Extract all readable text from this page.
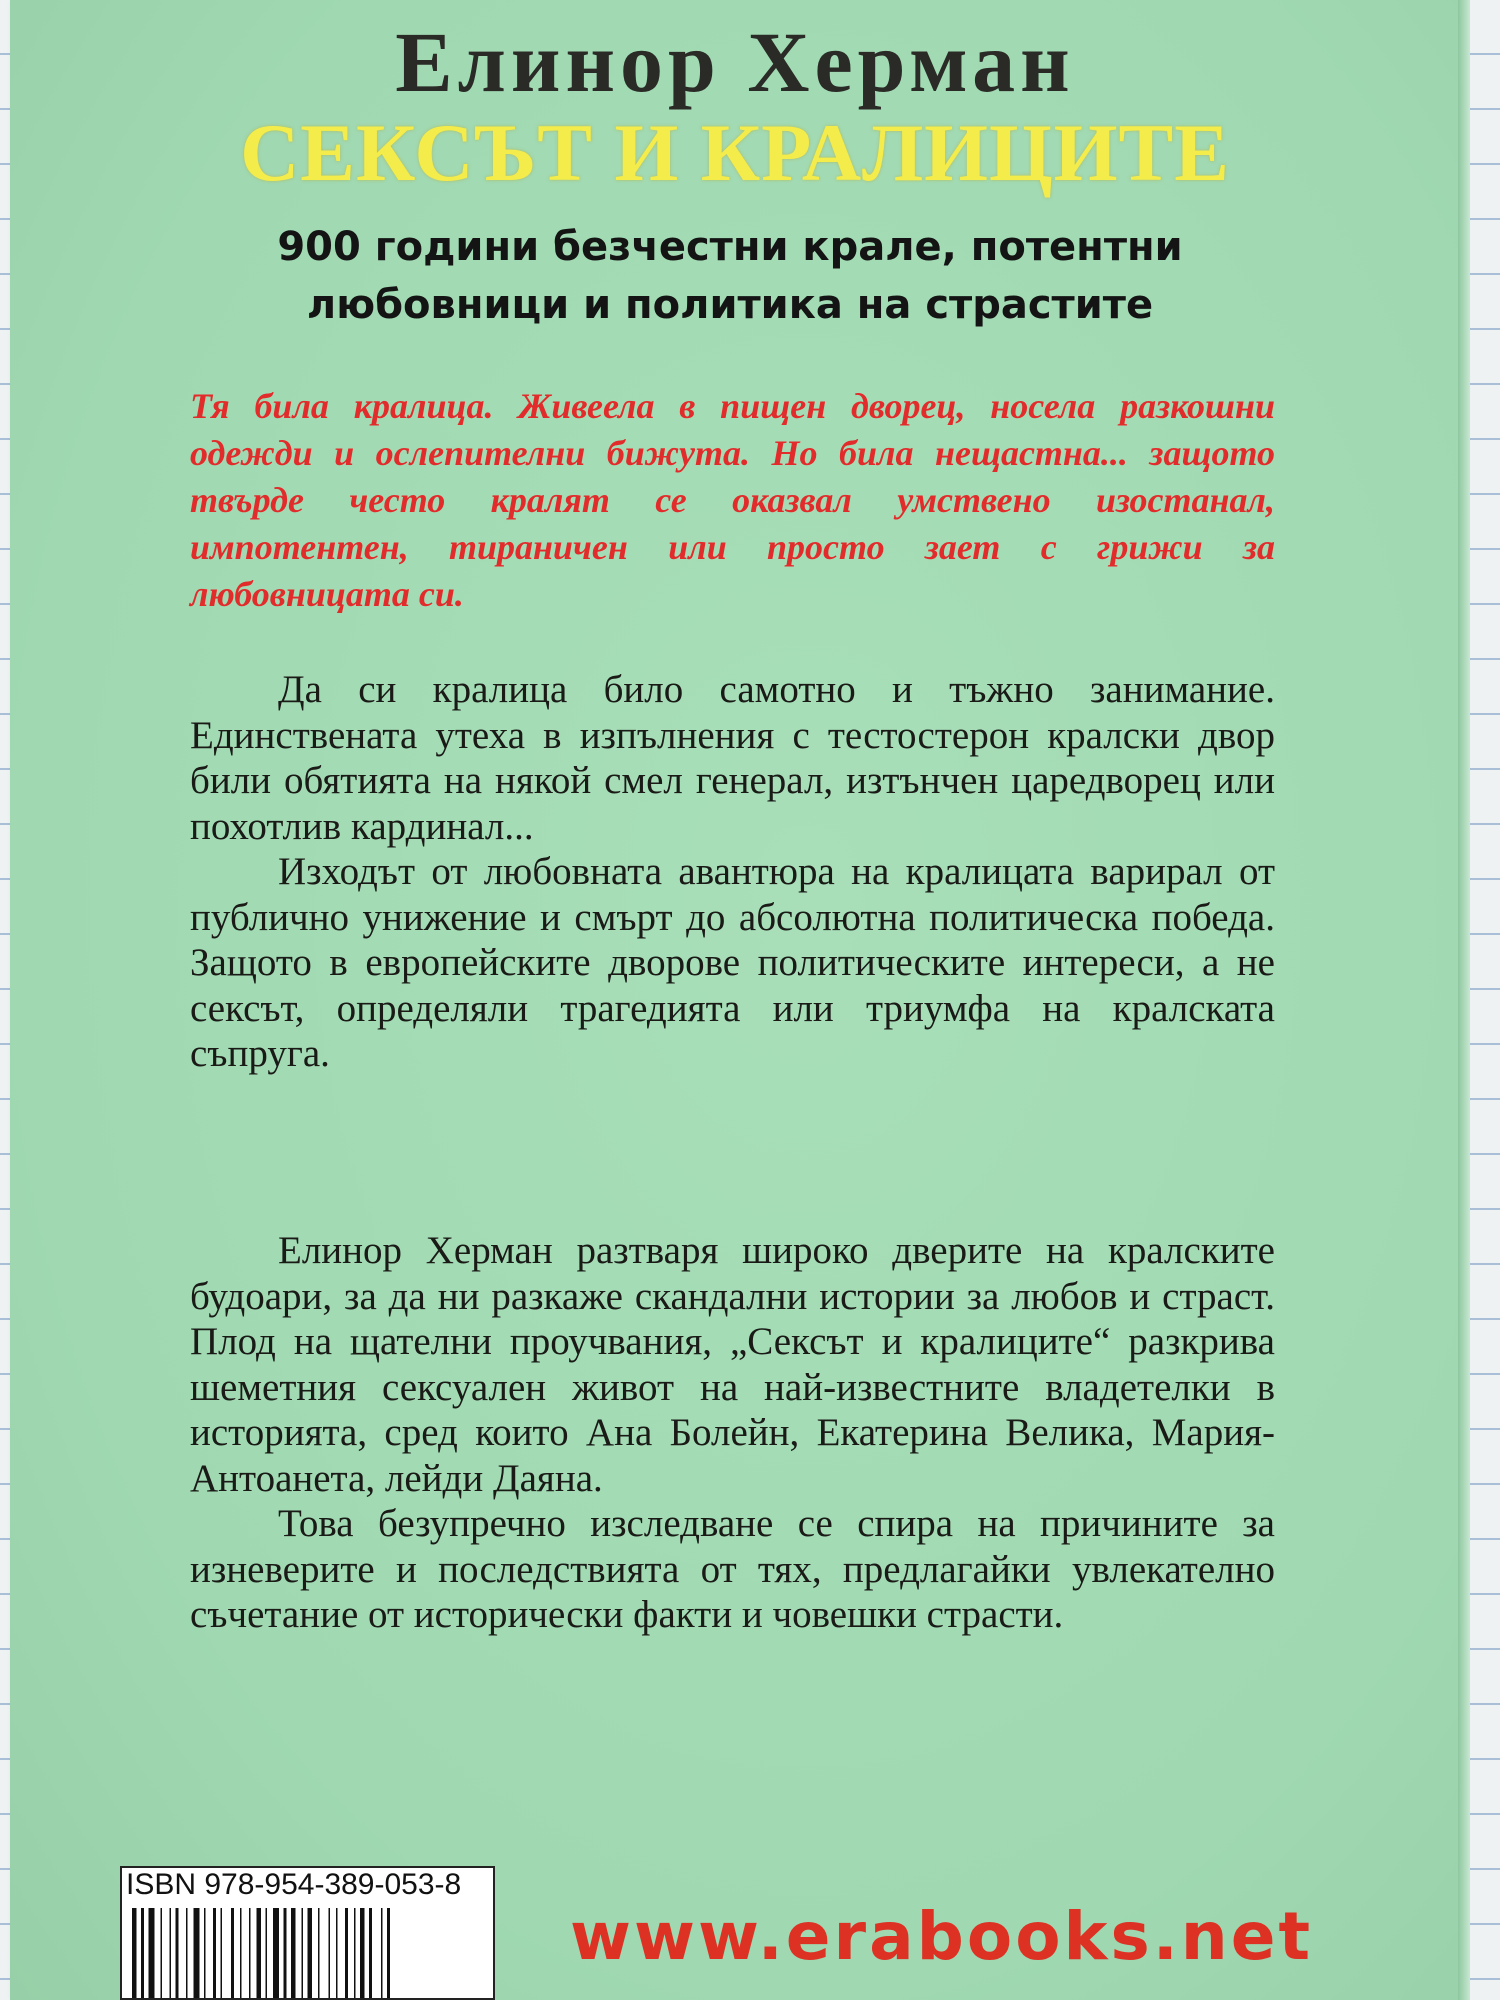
Елинор Херман
СЕКСЪТ И КРАЛИЦИТЕ
900 години безчестни крале, потентни
любовници и политика на страстите

Тя била кралица. Живеела в пищен дворец, носела разкошни одежди и ослепителни бижута. Но била нещастна... защото твърде често кралят се оказвал умствено изостанал, импотентен, тираничен или просто зает с грижи за любовницата си.

Да си кралица било самотно и тъжно занимание. Единствената утеха в изпълнения с тестостерон кралски двор били обятията на някой смел генерал, изтънчен царедворец или похотлив кардинал...

Изходът от любовната авантюра на кралицата варирал от публично унижение и смърт до абсолютна политическа победа. Защото в европейските дворове политическите интереси, а не сексът, определяли трагедията или триумфа на кралската съпруга.

Елинор Херман разтваря широко дверите на кралските будоари, за да ни разкаже скандални истории за любов и страст. Плод на щателни проучвания, „Сексът и кралиците“ разкрива шеметния сексуален живот на най-известните владетелки в историята, сред които Ана Болейн, Екатерина Велика, Мария-Антоанета, лейди Даяна.

Това безупречно изследване се спира на причините за изневерите и последствията от тях, предлагайки увлекателно съчетание от исторически факти и човешки страсти.

ISBN 978-954-389-053-8
www.erabooks.net
